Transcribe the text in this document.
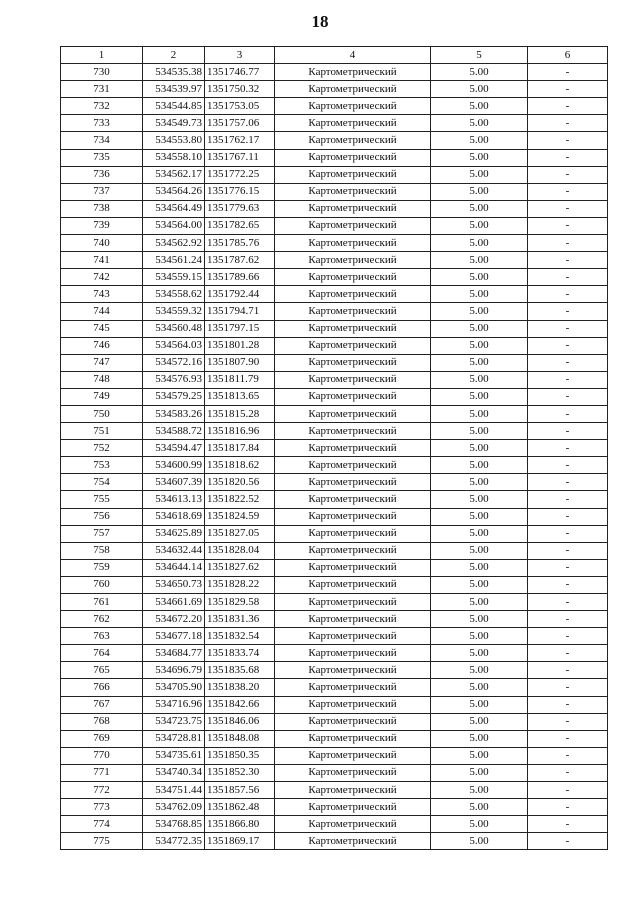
18
1	2	3	4	5	6
730	534535.38	1351746.77	Картометрический	5.00	-
731	534539.97	1351750.32	Картометрический	5.00	-
732	534544.85	1351753.05	Картометрический	5.00	-
733	534549.73	1351757.06	Картометрический	5.00	-
734	534553.80	1351762.17	Картометрический	5.00	-
735	534558.10	1351767.11	Картометрический	5.00	-
736	534562.17	1351772.25	Картометрический	5.00	-
737	534564.26	1351776.15	Картометрический	5.00	-
738	534564.49	1351779.63	Картометрический	5.00	-
739	534564.00	1351782.65	Картометрический	5.00	-
740	534562.92	1351785.76	Картометрический	5.00	-
741	534561.24	1351787.62	Картометрический	5.00	-
742	534559.15	1351789.66	Картометрический	5.00	-
743	534558.62	1351792.44	Картометрический	5.00	-
744	534559.32	1351794.71	Картометрический	5.00	-
745	534560.48	1351797.15	Картометрический	5.00	-
746	534564.03	1351801.28	Картометрический	5.00	-
747	534572.16	1351807.90	Картометрический	5.00	-
748	534576.93	1351811.79	Картометрический	5.00	-
749	534579.25	1351813.65	Картометрический	5.00	-
750	534583.26	1351815.28	Картометрический	5.00	-
751	534588.72	1351816.96	Картометрический	5.00	-
752	534594.47	1351817.84	Картометрический	5.00	-
753	534600.99	1351818.62	Картометрический	5.00	-
754	534607.39	1351820.56	Картометрический	5.00	-
755	534613.13	1351822.52	Картометрический	5.00	-
756	534618.69	1351824.59	Картометрический	5.00	-
757	534625.89	1351827.05	Картометрический	5.00	-
758	534632.44	1351828.04	Картометрический	5.00	-
759	534644.14	1351827.62	Картометрический	5.00	-
760	534650.73	1351828.22	Картометрический	5.00	-
761	534661.69	1351829.58	Картометрический	5.00	-
762	534672.20	1351831.36	Картометрический	5.00	-
763	534677.18	1351832.54	Картометрический	5.00	-
764	534684.77	1351833.74	Картометрический	5.00	-
765	534696.79	1351835.68	Картометрический	5.00	-
766	534705.90	1351838.20	Картометрический	5.00	-
767	534716.96	1351842.66	Картометрический	5.00	-
768	534723.75	1351846.06	Картометрический	5.00	-
769	534728.81	1351848.08	Картометрический	5.00	-
770	534735.61	1351850.35	Картометрический	5.00	-
771	534740.34	1351852.30	Картометрический	5.00	-
772	534751.44	1351857.56	Картометрический	5.00	-
773	534762.09	1351862.48	Картометрический	5.00	-
774	534768.85	1351866.80	Картометрический	5.00	-
775	534772.35	1351869.17	Картометрический	5.00	-
